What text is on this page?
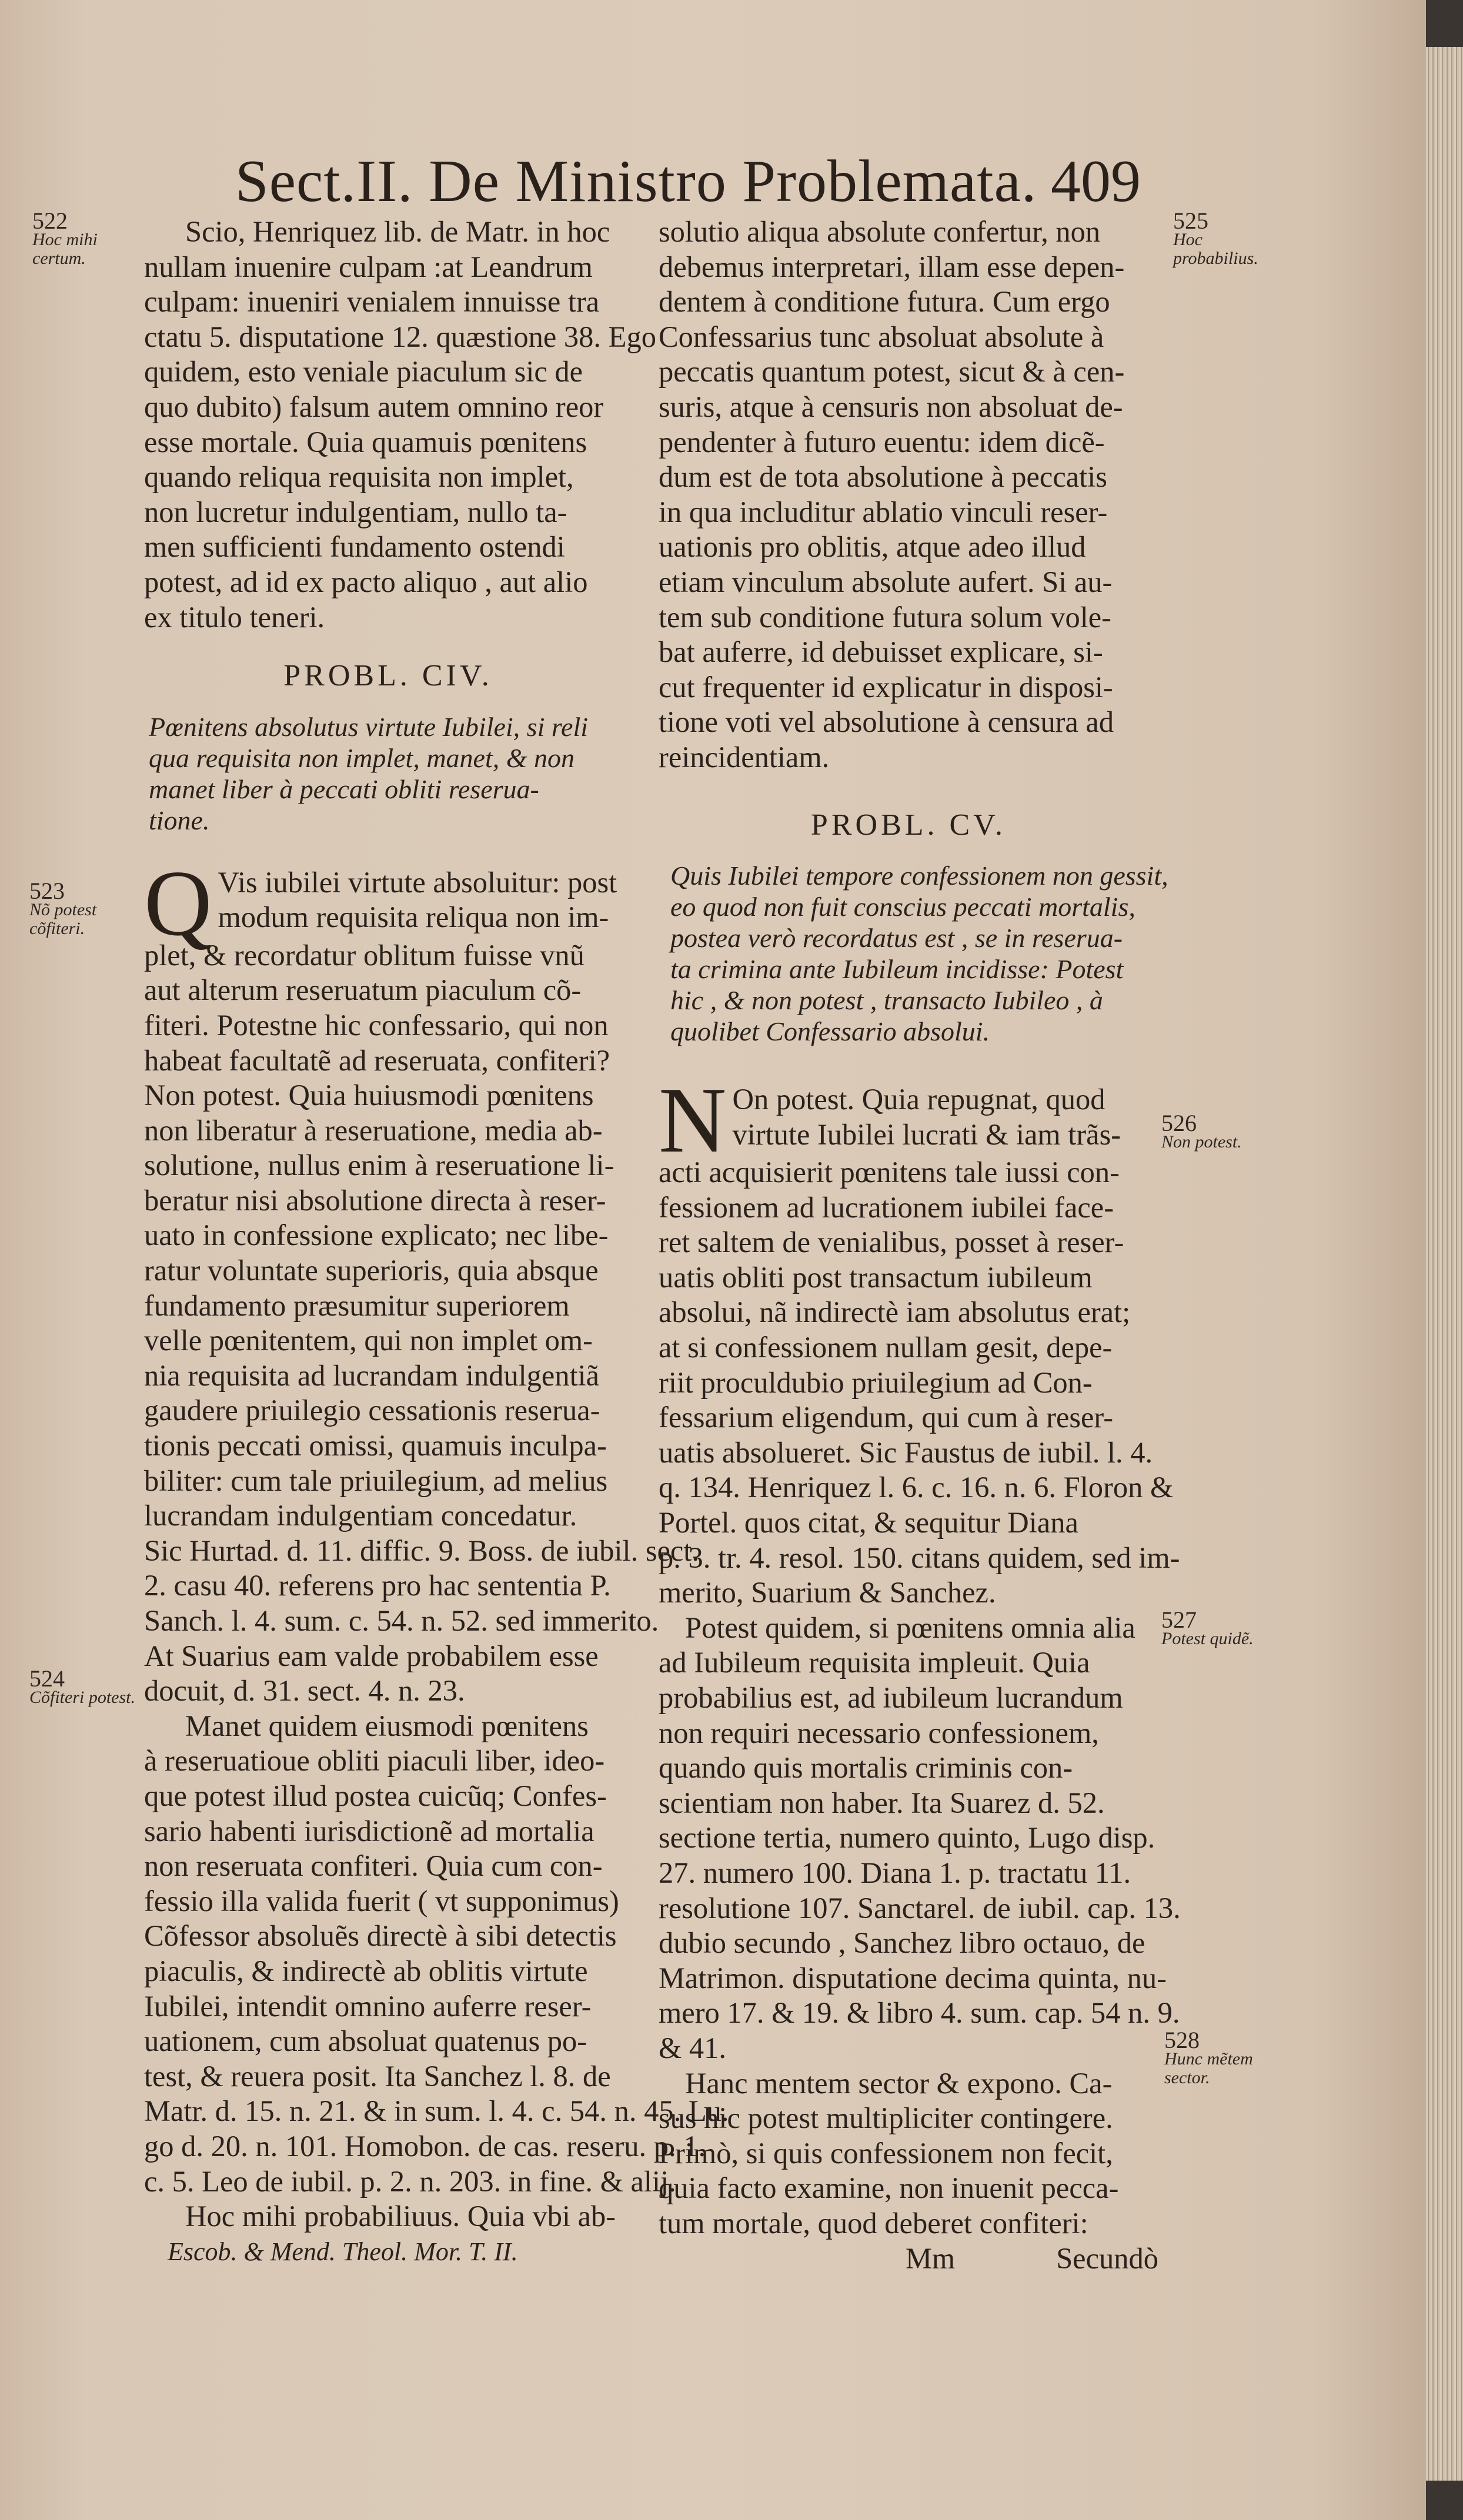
Sect.II. De Ministro Problemata. 409
522
Hoc mihi certum.
523
Nõ potest cõfiteri.
524
Cõfiteri potest.
525
Hoc probabilius.
526
Non potest.
527
Potest quidẽ.
528
Hunc mẽtem sector.
Scio, Henriquez lib. de Matr. in hoc
nullam inuenire culpam :at Leandrum
culpam: inueniri venialem innuisse tra
ctatu 5. disputatione 12. quæstione 38. Ego
quidem, esto veniale piaculum sic de
quo dubito) falsum autem omnino reor
esse mortale. Quia quamuis pœnitens
quando reliqua requisita non implet,
non lucretur indulgentiam, nullo ta-
men sufficienti fundamento ostendi
potest, ad id ex pacto aliquo , aut alio
ex titulo teneri.
PROBL. CIV.
Pœnitens absolutus virtute Iubilei, si reli
qua requisita non implet, manet, & non
manet liber à peccati obliti reserua-
tione.
Q Vis iubilei virtute absoluitur: post
modum requisita reliqua non im-
plet, & recordatur oblitum fuisse vnũ
aut alterum reseruatum piaculum cõ-
fiteri. Potestne hic confessario, qui non
habeat facultatẽ ad reseruata, confiteri?
Non potest. Quia huiusmodi pœnitens
non liberatur à reseruatione, media ab-
solutione, nullus enim à reseruatione li-
beratur nisi absolutione directa à reser-
uato in confessione explicato; nec libe-
ratur voluntate superioris, quia absque
fundamento præsumitur superiorem
velle pœnitentem, qui non implet om-
nia requisita ad lucrandam indulgentiã
gaudere priuilegio cessationis reserua-
tionis peccati omissi, quamuis inculpa-
biliter: cum tale priuilegium, ad melius
lucrandam indulgentiam concedatur.
Sic Hurtad. d. 11. diffic. 9. Boss. de iubil. sect.
2. casu 40. referens pro hac sententia P.
Sanch. l. 4. sum. c. 54. n. 52. sed immerito.
At Suarius eam valde probabilem esse
docuit, d. 31. sect. 4. n. 23.
Manet quidem eiusmodi pœnitens
à reseruatioue obliti piaculi liber, ideo-
que potest illud postea cuicũq; Confes-
sario habenti iurisdictionẽ ad mortalia
non reseruata confiteri. Quia cum con-
fessio illa valida fuerit ( vt supponimus)
Cõfessor absoluẽs directè à sibi detectis
piaculis, & indirectè ab oblitis virtute
Iubilei, intendit omnino auferre reser-
uationem, cum absoluat quatenus po-
test, & reuera posit. Ita Sanchez l. 8. de
Matr. d. 15. n. 21. & in sum. l. 4. c. 54. n. 45. Lu.
go d. 20. n. 101. Homobon. de cas. reseru. p. 1.
c. 5. Leo de iubil. p. 2. n. 203. in fine. & alij.
Hoc mihi probabiliuus. Quia vbi ab-
Escob. & Mend. Theol. Mor. T. II.
solutio aliqua absolute confertur, non
debemus interpretari, illam esse depen-
dentem à conditione futura. Cum ergo
Confessarius tunc absoluat absolute à
peccatis quantum potest, sicut & à cen-
suris, atque à censuris non absoluat de-
pendenter à futuro euentu: idem dicẽ-
dum est de tota absolutione à peccatis
in qua includitur ablatio vinculi reser-
uationis pro oblitis, atque adeo illud
etiam vinculum absolute aufert. Si au-
tem sub conditione futura solum vole-
bat auferre, id debuisset explicare, si-
cut frequenter id explicatur in disposi-
tione voti vel absolutione à censura ad
reincidentiam.
PROBL. CV.
Quis Iubilei tempore confessionem non gessit,
eo quod non fuit conscius peccati mortalis,
postea verò recordatus est , se in reserua-
ta crimina ante Iubileum incidisse: Potest
hic , & non potest , transacto Iubileo , à
quolibet Confessario absolui.
N On potest. Quia repugnat, quod
virtute Iubilei lucrati & iam trãs-
acti acquisierit pœnitens tale iussi con-
fessionem ad lucrationem iubilei face-
ret saltem de venialibus, posset à reser-
uatis obliti post transactum iubileum
absolui, nã indirectè iam absolutus erat;
at si confessionem nullam gesit, depe-
riit proculdubio priuilegium ad Con-
fessarium eligendum, qui cum à reser-
uatis absolueret. Sic Faustus de iubil. l. 4.
q. 134. Henriquez l. 6. c. 16. n. 6. Floron &
Portel. quos citat, & sequitur Diana
p. 3. tr. 4. resol. 150. citans quidem, sed im-
merito, Suarium & Sanchez.
Potest quidem, si pœnitens omnia alia
ad Iubileum requisita impleuit. Quia
probabilius est, ad iubileum lucrandum
non requiri necessario confessionem,
quando quis mortalis criminis con-
scientiam non haber. Ita Suarez d. 52.
sectione tertia, numero quinto, Lugo disp.
27. numero 100. Diana 1. p. tractatu 11.
resolutione 107. Sanctarel. de iubil. cap. 13.
dubio secundo , Sanchez libro octauo, de
Matrimon. disputatione decima quinta, nu-
mero 17. & 19. & libro 4. sum. cap. 54 n. 9.
& 41.
Hanc mentem sector & expono. Ca-
sus hic potest multipliciter contingere.
Primò, si quis confessionem non fecit,
quia facto examine, non inuenit pecca-
tum mortale, quod deberet confiteri:
Mm	Secundò
